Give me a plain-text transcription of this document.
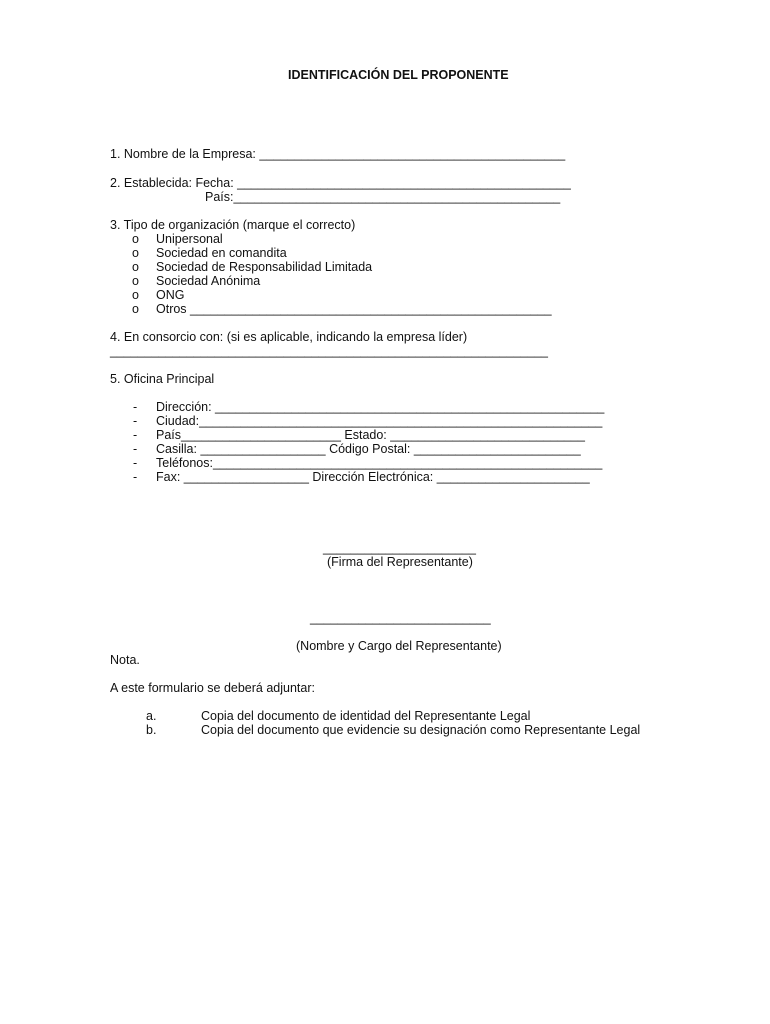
IDENTIFICACIÓN DEL PROPONENTE
1. Nombre de la Empresa: ____________________________________________
2. Establecida: Fecha: ________________________________________________
País:_______________________________________________
3. Tipo de organización (marque el correcto)
o Unipersonal
o Sociedad en comandita
o Sociedad de Responsabilidad Limitada
o Sociedad Anónima
o ONG
o Otros ____________________________________________________
4. En consorcio con: (si es aplicable, indicando la empresa líder)
_______________________________________________________________
5. Oficina Principal
- Dirección: ________________________________________________________
- Ciudad:__________________________________________________________
- País_______________________ Estado: ____________________________
- Casilla: __________________ Código Postal: ________________________
- Teléfonos:________________________________________________________
- Fax: __________________ Dirección Electrónica: ______________________
______________________
(Firma del Representante)
__________________________
(Nombre y Cargo del Representante)
Nota.
A este formulario se deberá adjuntar:
a.	Copia del documento de identidad del Representante Legal
b.	Copia del documento que evidencie su designación como Representante Legal
